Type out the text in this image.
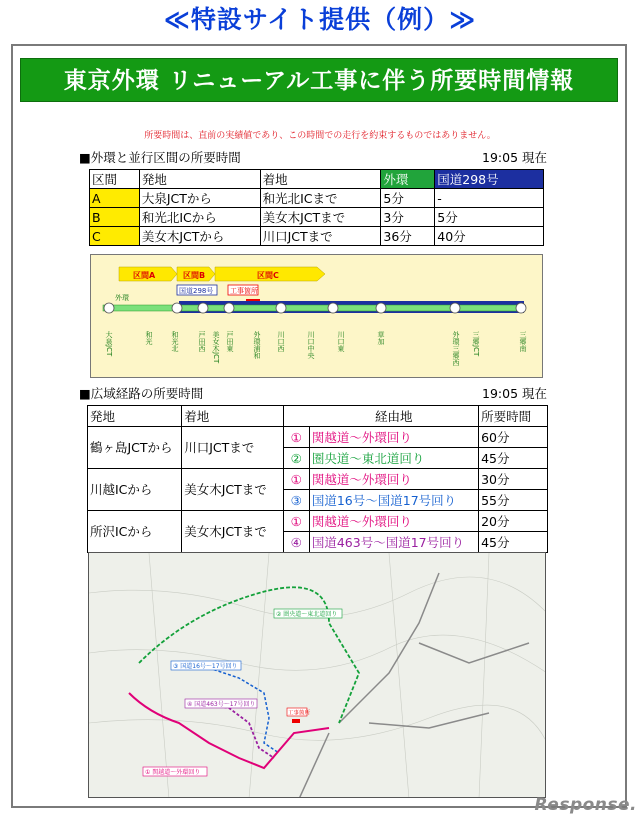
≪特設サイト提供（例）≫
東京外環 リニューアル工事に伴う所要時間情報
所要時間は、直前の実績値であり、この時間での走行を約束するものではありません。
■外環と並行区間の所要時間	19:05 現在
区間	発地	着地	外環	国道298号
A	大泉JCTから	和光北ICまで	5分	-
B	和光北ICから	美女木JCTまで	3分	5分
C	美女木JCTから	川口JCTまで	36分	40分
区間A	区間B	区間C
国道298号 工事箇所
外環
大泉JCT	和光	和光北	戸田西 美女木JCT 戸田東	外環浦和 川口西	川口中央	川口東	草加	外環三郷西 三郷JCT	三郷南
■広域経路の所要時間	19:05 現在
発地	着地		経由地	所要時間
鶴ヶ島JCTから	川口JCTまで	①	関越道～外環回り	60分
		②	圏央道～東北道回り	45分
川越ICから	美女木JCTまで	①	関越道～外環回り	30分
		③	国道16号～国道17号回り	55分
所沢ICから	美女木JCTまで	①	関越道～外環回り	20分
		④	国道463号～国道17号回り	45分
工事箇所
② 圏央道～東北道回り
③ 国道16号～17号回り
④ 国道463号～17号回り
① 関越道～外環回り
Response.
